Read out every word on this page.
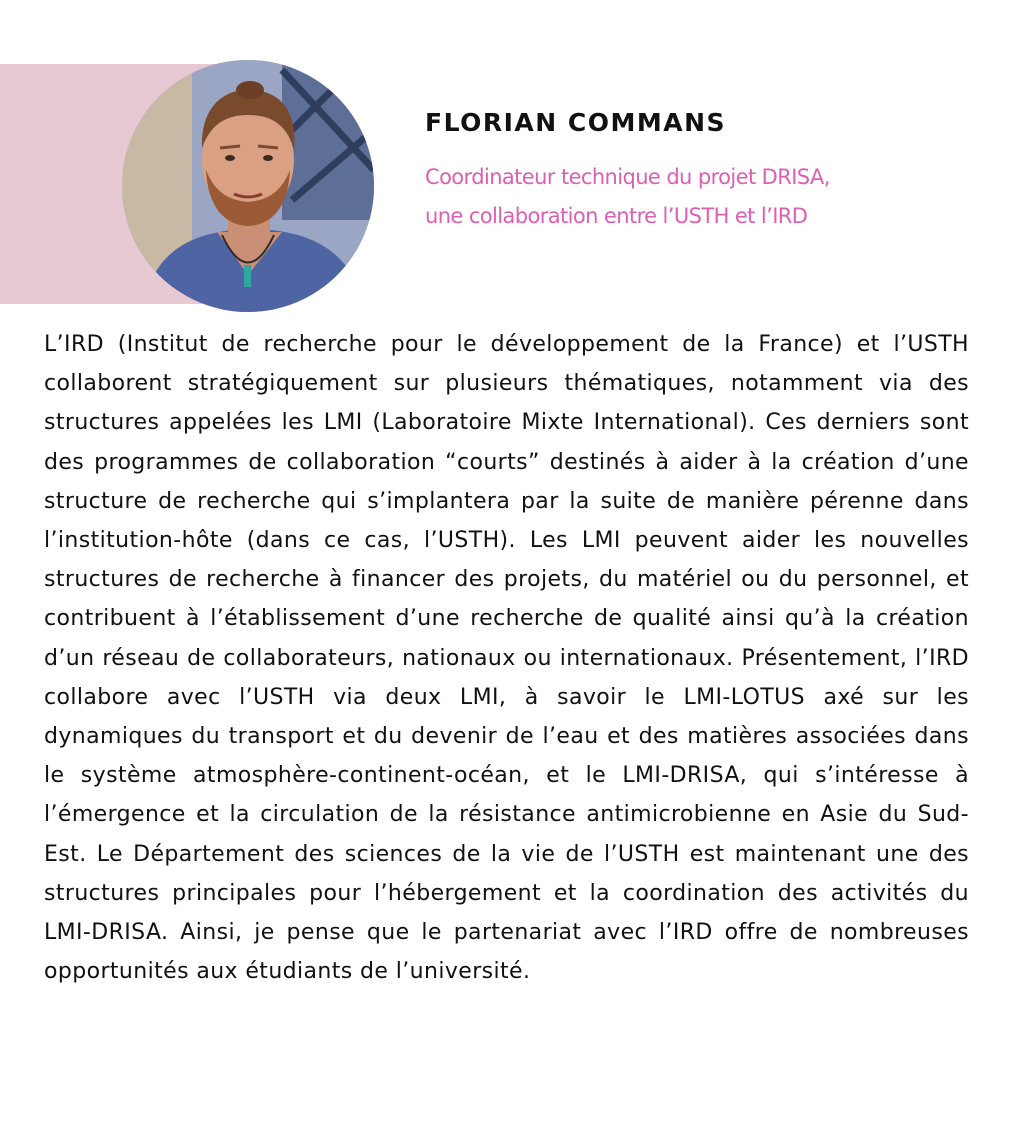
FLORIAN COMMANS
Coordinateur technique du projet DRISA,
une collaboration entre l’USTH et l’IRD

L’IRD (Institut de recherche pour le développement de la France) et l’USTH collaborent stratégiquement sur plusieurs thématiques, notamment via des structures appelées les LMI (Laboratoire Mixte International). Ces derniers sont des programmes de collaboration “courts” destinés à aider à la création d’une structure de recherche qui s’implantera par la suite de manière pérenne dans l’institution-hôte (dans ce cas, l’USTH). Les LMI peuvent aider les nouvelles structures de recherche à financer des projets, du matériel ou du personnel, et contribuent à l’établissement d’une recherche de qualité ainsi qu’à la création d’un réseau de collaborateurs, nationaux ou internationaux. Présentement, l’IRD collabore avec l’USTH via deux LMI, à savoir le LMI-LOTUS axé sur les dynamiques du transport et du devenir de l’eau et des matières associées dans le système atmosphère-continent-océan, et le LMI-DRISA, qui s’intéresse à l’émergence et la circulation de la résistance antimicrobienne en Asie du Sud-Est. Le Département des sciences de la vie de l’USTH est maintenant une des structures principales pour l’hébergement et la coordination des activités du LMI-DRISA. Ainsi, je pense que le partenariat avec l’IRD offre de nombreuses opportunités aux étudiants de l’université.
